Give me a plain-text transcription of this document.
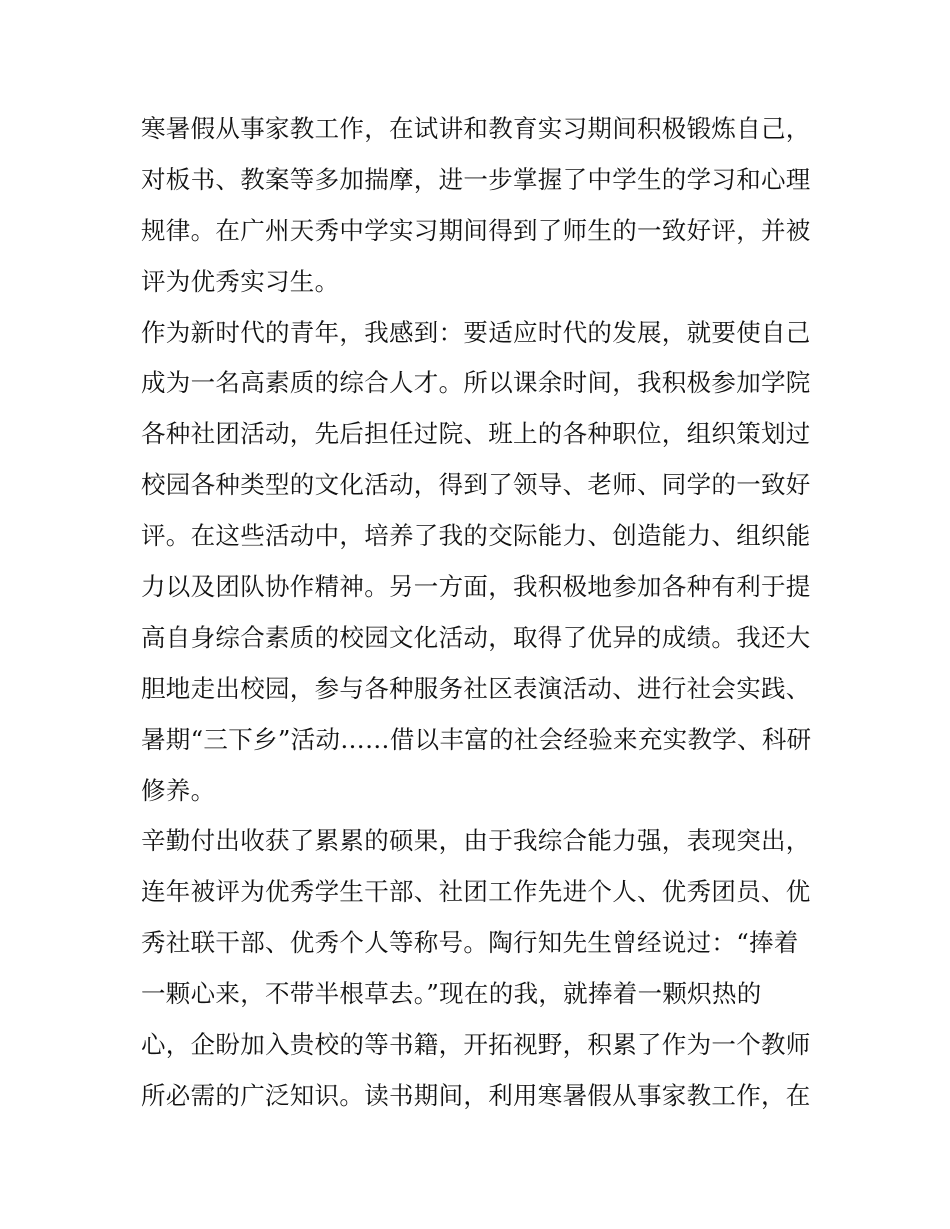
寒暑假从事家教工作，在试讲和教育实习期间积极锻炼自己，
对板书、教案等多加揣摩，进一步掌握了中学生的学习和心理
规律。在广州天秀中学实习期间得到了师生的一致好评，并被
评为优秀实习生。
作为新时代的青年，我感到：要适应时代的发展，就要使自己
成为一名高素质的综合人才。所以课余时间，我积极参加学院
各种社团活动，先后担任过院、班上的各种职位，组织策划过
校园各种类型的文化活动，得到了领导、老师、同学的一致好
评。在这些活动中，培养了我的交际能力、创造能力、组织能
力以及团队协作精神。另一方面，我积极地参加各种有利于提
高自身综合素质的校园文化活动，取得了优异的成绩。我还大
胆地走出校园，参与各种服务社区表演活动、进行社会实践、
暑期“三下乡”活动……借以丰富的社会经验来充实教学、科研
修养。
辛勤付出收获了累累的硕果，由于我综合能力强，表现突出，
连年被评为优秀学生干部、社团工作先进个人、优秀团员、优
秀社联干部、优秀个人等称号。陶行知先生曾经说过：“捧着
一颗心来，不带半根草去。”现在的我，就捧着一颗炽热的
心，企盼加入贵校的等书籍，开拓视野，积累了作为一个教师
所必需的广泛知识。读书期间，利用寒暑假从事家教工作，在
